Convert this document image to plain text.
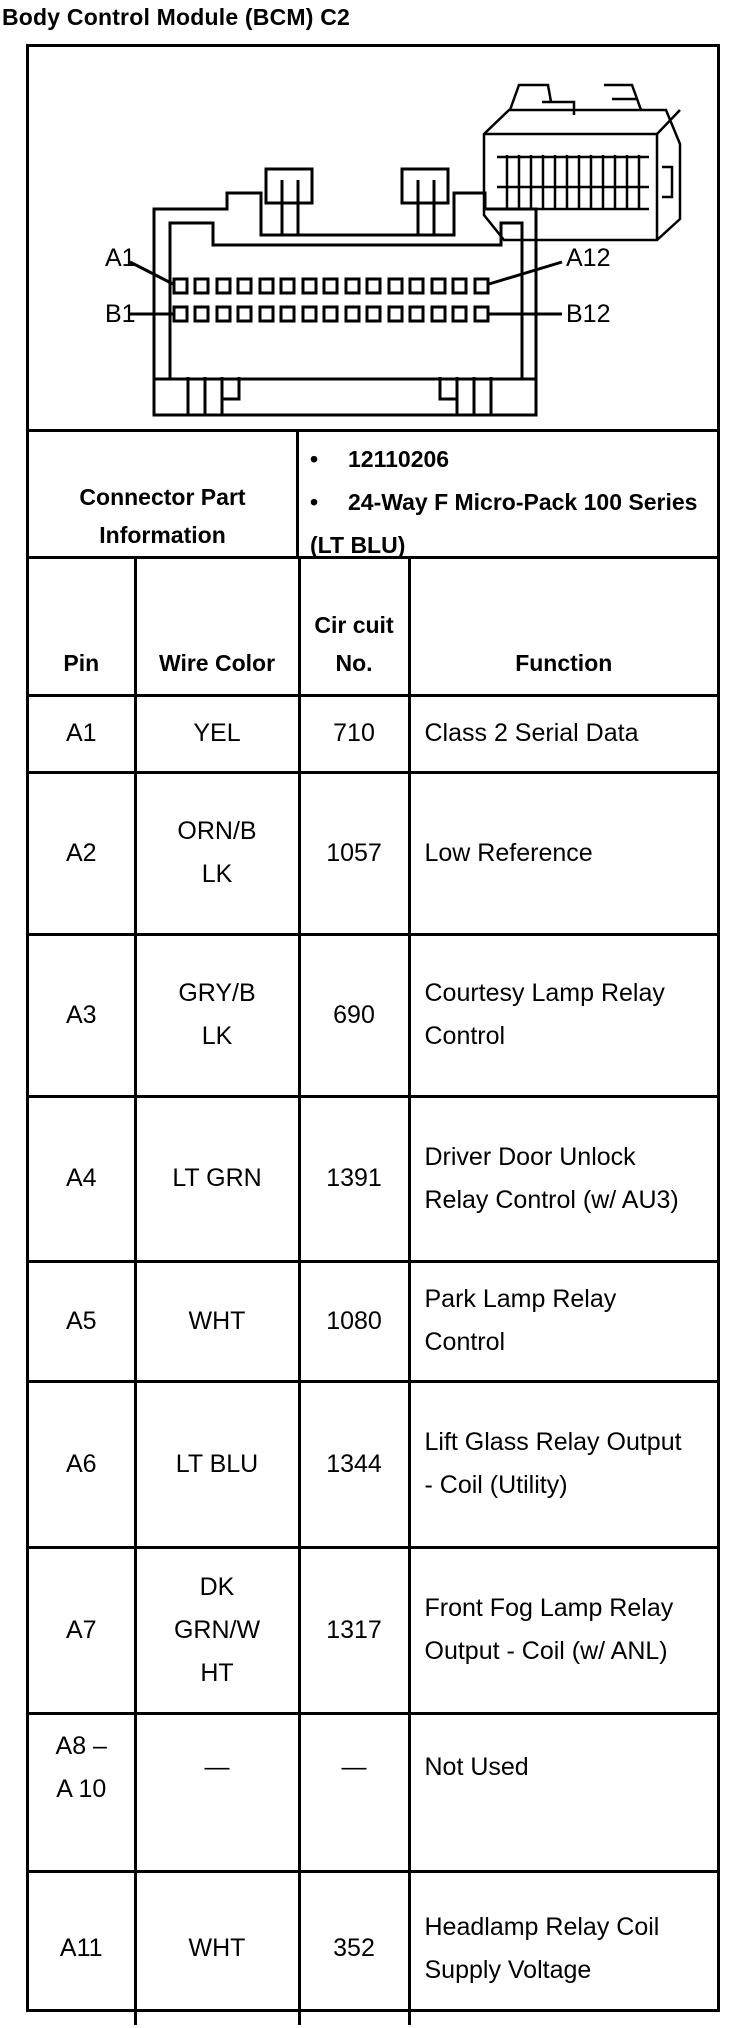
Body Control Module (BCM) C2
A1
B1
A12
B12
Connector Part Information
• 12110206
• 24-Way F Micro-Pack 100 Series (LT BLU)
Pin	Wire Color	Cir cuit No.	Function
A1	YEL	710	Class 2 Serial Data
A2	ORN/B LK	1057	Low Reference
A3	GRY/B LK	690	Courtesy Lamp Relay Control
A4	LT GRN	1391	Driver Door Unlock Relay Control (w/ AU3)
A5	WHT	1080	Park Lamp Relay Control
A6	LT BLU	1344	Lift Glass Relay Output - Coil (Utility)
A7	DK GRN/W HT	1317	Front Fog Lamp Relay Output - Coil (w/ ANL)
A8 –A 10	—	—	Not Used
A11	WHT	352	Headlamp Relay Coil Supply Voltage
